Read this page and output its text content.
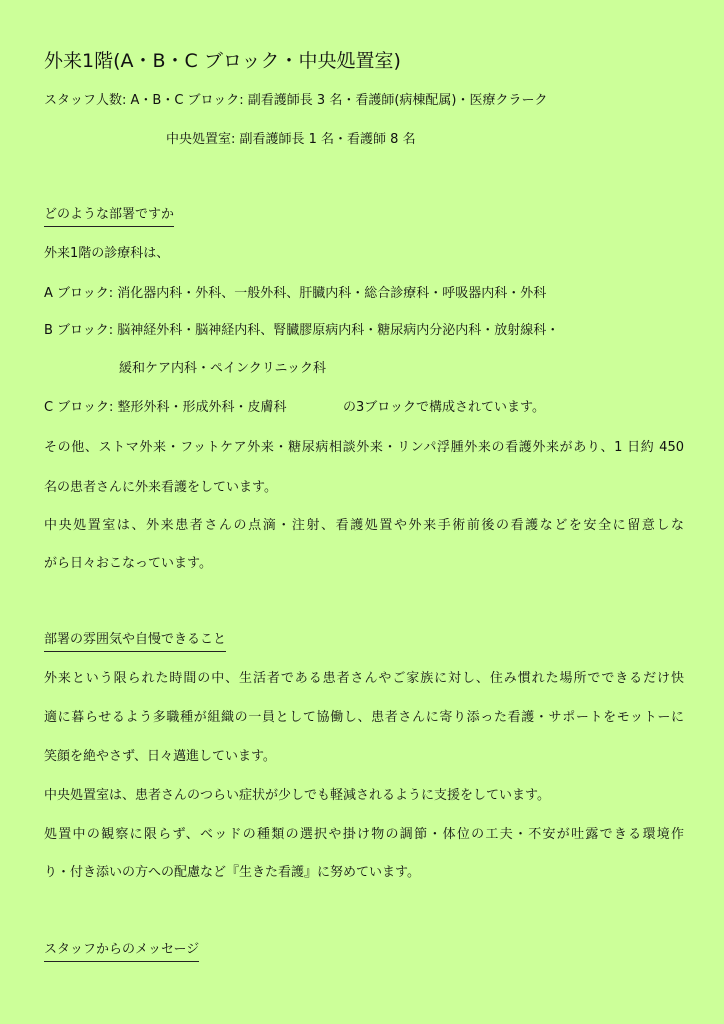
外来1階(A・B・C ブロック・中央処置室)

スタッフ人数: A・B・C ブロック: 副看護師長 3 名・看護師(病棟配属)・医療クラーク

中央処置室: 副看護師長 1 名・看護師 8 名

どのような部署ですか

外来1階の診療科は、

A ブロック: 消化器内科・外科、一般外科、肝臓内科・総合診療科・呼吸器内科・外科

B ブロック: 脳神経外科・脳神経内科、腎臓膠原病内科・糖尿病内分泌内科・放射線科・

緩和ケア内科・ペインクリニック科

C ブロック: 整形外科・形成外科・皮膚科	の3ブロックで構成されています。

その他、ストマ外来・フットケア外来・糖尿病相談外来・リンパ浮腫外来の看護外来があり、1 日約 450

名の患者さんに外来看護をしています。

中央処置室は、外来患者さんの点滴・注射、看護処置や外来手術前後の看護などを安全に留意しな

がら日々おこなっています。

部署の雰囲気や自慢できること

外来という限られた時間の中、生活者である患者さんやご家族に対し、住み慣れた場所でできるだけ快

適に暮らせるよう多職種が組織の一員として協働し、患者さんに寄り添った看護・サポートをモットーに

笑顔を絶やさず、日々邁進しています。

中央処置室は、患者さんのつらい症状が少しでも軽減されるように支援をしています。

処置中の観察に限らず、ベッドの種類の選択や掛け物の調節・体位の工夫・不安が吐露できる環境作

り・付き添いの方への配慮など『生きた看護』に努めています。

スタッフからのメッセージ
